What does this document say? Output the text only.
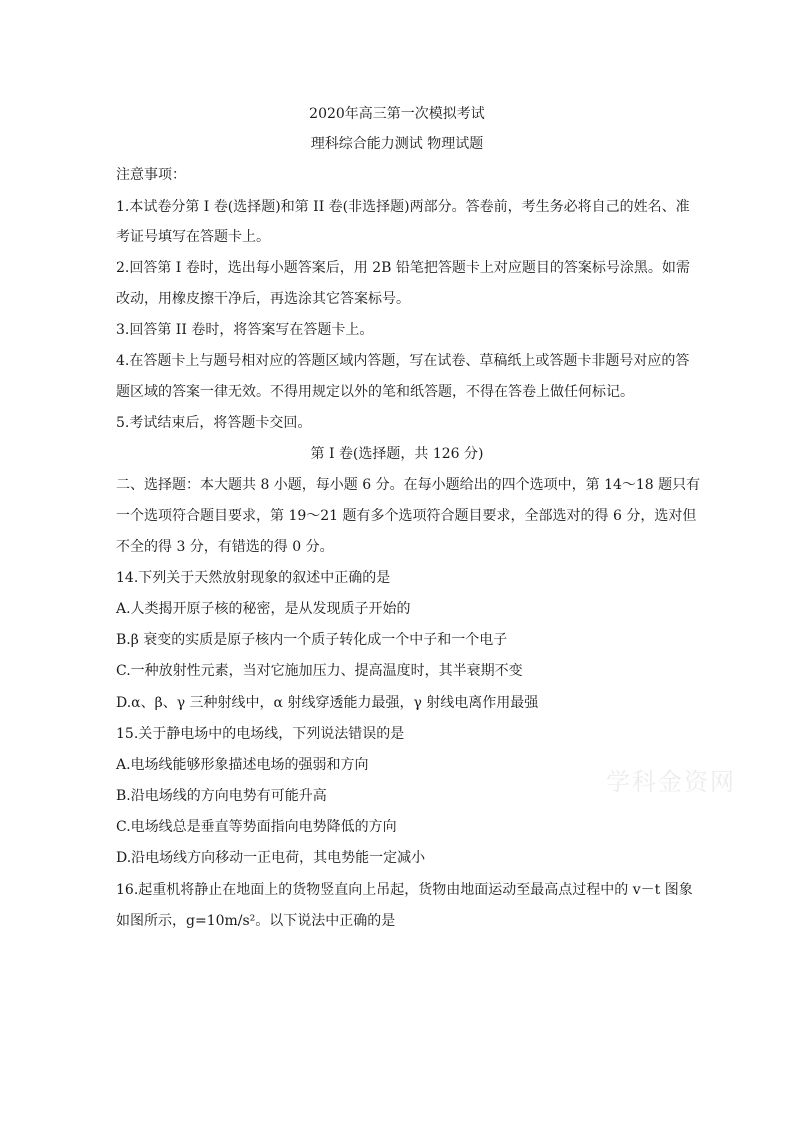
2020年高三第一次模拟考试
理科综合能力测试 物理试题
注意事项：
1.本试卷分第 I 卷(选择题)和第 II 卷(非选择题)两部分。答卷前，考生务必将自己的姓名、准
考证号填写在答题卡上。
2.回答第 I 卷时，选出每小题答案后，用 2B 铅笔把答题卡上对应题目的答案标号涂黑。如需
改动，用橡皮擦干净后，再选涂其它答案标号。
3.回答第 II 卷时，将答案写在答题卡上。
4.在答题卡上与题号相对应的答题区域内答题，写在试卷、草稿纸上或答题卡非题号对应的答
题区域的答案一律无效。不得用规定以外的笔和纸答题，不得在答卷上做任何标记。
5.考试结束后，将答题卡交回。
第 I 卷(选择题，共 126 分)
二、选择题：本大题共 8 小题，每小题 6 分。在每小题给出的四个选项中，第 14～18 题只有
一个选项符合题目要求，第 19～21 题有多个选项符合题目要求，全部选对的得 6 分，选对但
不全的得 3 分，有错选的得 0 分。
14.下列关于天然放射现象的叙述中正确的是
A.人类揭开原子核的秘密，是从发现质子开始的
B.β 衰变的实质是原子核内一个质子转化成一个中子和一个电子
C.一种放射性元素，当对它施加压力、提高温度时，其半衰期不变
D.α、β、γ 三种射线中，α 射线穿透能力最强，γ 射线电离作用最强
15.关于静电场中的电场线，下列说法错误的是
A.电场线能够形象描述电场的强弱和方向
B.沿电场线的方向电势有可能升高
C.电场线总是垂直等势面指向电势降低的方向
D.沿电场线方向移动一正电荷，其电势能一定减小
16.起重机将静止在地面上的货物竖直向上吊起，货物由地面运动至最高点过程中的 v－t 图象
如图所示，g=10m/s²。以下说法中正确的是
学科金资网
